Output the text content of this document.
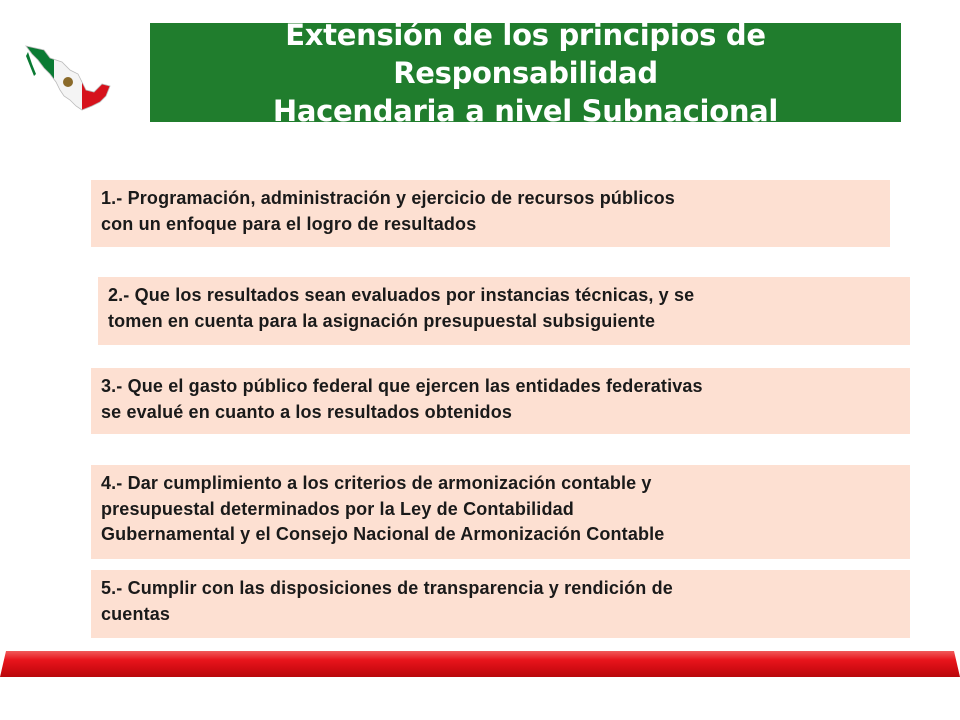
Extensión de los principios de Responsabilidad
Hacendaria a nivel Subnacional
1.- Programación, administración y ejercicio de recursos públicos
con un enfoque para el logro de resultados
2.- Que los resultados sean evaluados por instancias técnicas, y se
tomen en cuenta para la asignación presupuestal subsiguiente
3.- Que el gasto público federal que ejercen las entidades federativas
se evalué en cuanto a los resultados obtenidos
4.- Dar cumplimiento a los criterios de armonización contable y
presupuestal determinados por la Ley de Contabilidad
Gubernamental y el Consejo Nacional de Armonización Contable
5.- Cumplir con las disposiciones de transparencia y rendición de
cuentas
